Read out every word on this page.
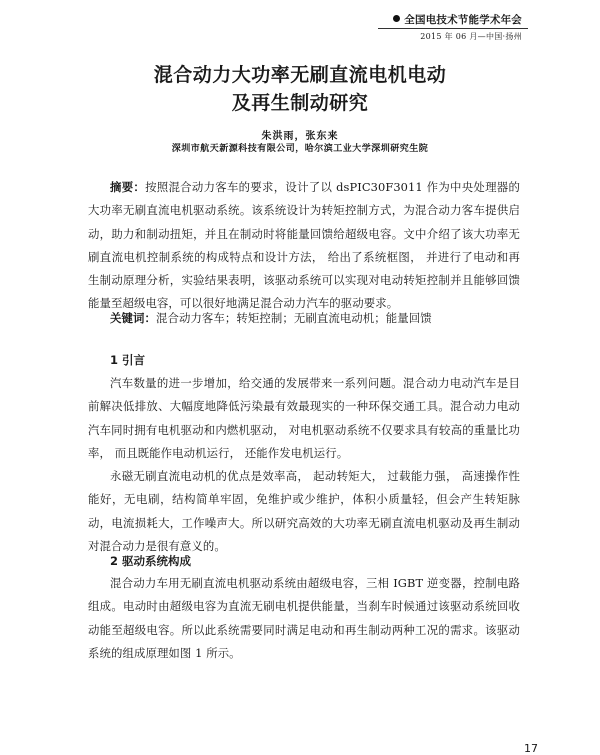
全国电技术节能学术年会
2015 年 06 月—中国·扬州
混合动力大功率无刷直流电机电动
及再生制动研究
朱洪雨，张东来
深圳市航天新源科技有限公司，哈尔滨工业大学深圳研究生院

摘要：按照混合动力客车的要求，设计了以 dsPIC30F3011 作为中央处理器的大功率无刷直流电机驱动系统。该系统设计为转矩控制方式，为混合动力客车提供启动，助力和制动扭矩，并且在制动时将能量回馈给超级电容。文中介绍了该大功率无刷直流电机控制系统的构成特点和设计方法， 给出了系统框图， 并进行了电动和再生制动原理分析，实验结果表明，该驱动系统可以实现对电动转矩控制并且能够回馈能量至超级电容，可以很好地满足混合动力汽车的驱动要求。

关键词：混合动力客车；转矩控制；无刷直流电动机；能量回馈

1 引言

汽车数量的进一步增加，给交通的发展带来一系列问题。混合动力电动汽车是目前解决低排放、大幅度地降低污染最有效最现实的一种环保交通工具。混合动力电动汽车同时拥有电机驱动和内燃机驱动， 对电机驱动系统不仅要求具有较高的重量比功率， 而且既能作电动机运行， 还能作发电机运行。

永磁无刷直流电动机的优点是效率高， 起动转矩大， 过载能力强， 高速操作性能好，无电刷，结构简单牢固，免维护或少维护，体积小质量轻，但会产生转矩脉动，电流损耗大，工作噪声大。所以研究高效的大功率无刷直流电机驱动及再生制动对混合动力是很有意义的。

2 驱动系统构成

混合动力车用无刷直流电机驱动系统由超级电容，三相 IGBT 逆变器，控制电路组成。电动时由超级电容为直流无刷电机提供能量，当刹车时候通过该驱动系统回收动能至超级电容。所以此系统需要同时满足电动和再生制动两种工况的需求。该驱动系统的组成原理如图 1 所示。

17
